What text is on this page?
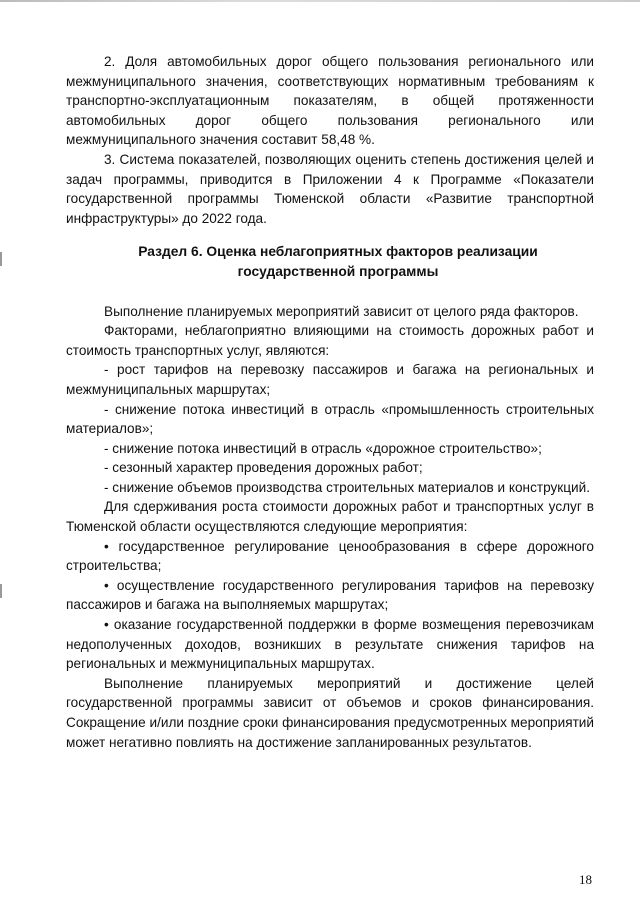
2. Доля автомобильных дорог общего пользования регионального или межмуниципального значения, соответствующих нормативным требованиям к транспортно-эксплуатационным показателям, в общей протяженности автомобильных дорог общего пользования регионального или межмуниципального значения составит 58,48 %.

3. Система показателей, позволяющих оценить степень достижения целей и задач программы, приводится в Приложении 4 к Программе «Показатели государственной программы Тюменской области «Развитие транспортной инфраструктуры» до 2022 года.

Раздел 6. Оценка неблагоприятных факторов реализации государственной программы

Выполнение планируемых мероприятий зависит от целого ряда факторов.

Факторами, неблагоприятно влияющими на стоимость дорожных работ и стоимость транспортных услуг, являются:

- рост тарифов на перевозку пассажиров и багажа на региональных и межмуниципальных маршрутах;

- снижение потока инвестиций в отрасль «промышленность строительных материалов»;

- снижение потока инвестиций в отрасль «дорожное строительство»;

- сезонный характер проведения дорожных работ;

- снижение объемов производства строительных материалов и конструкций.

Для сдерживания роста стоимости дорожных работ и транспортных услуг в Тюменской области осуществляются следующие мероприятия:

• государственное регулирование ценообразования в сфере дорожного строительства;

• осуществление государственного регулирования тарифов на перевозку пассажиров и багажа на выполняемых маршрутах;

• оказание государственной поддержки в форме возмещения перевозчикам недополученных доходов, возникших в результате снижения тарифов на региональных и межмуниципальных маршрутах.

Выполнение планируемых мероприятий и достижение целей государственной программы зависит от объемов и сроков финансирования. Сокращение и/или поздние сроки финансирования предусмотренных мероприятий может негативно повлиять на достижение запланированных результатов.

18
